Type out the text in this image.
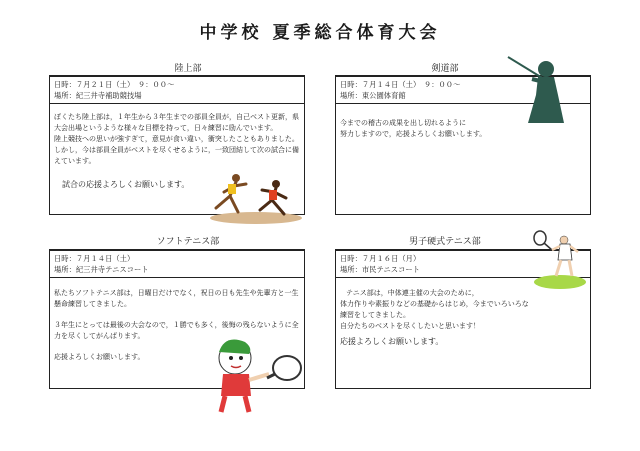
中学校 夏季総合体育大会
陸上部
日時：７月２１日（土）　９：００～
場所：紀三井寺補助競技場

ぼくたち陸上部は，１年生から３年生までの部員全員が，自己ベスト更新，県大会出場というような様々な目標を持って，日々練習に励んでいます。

陸上競技への思いが強すぎて，意見が食い違い，衝突したこともありました。

しかし，今は部員全員がベストを尽くせるように，一致団結して次の試合に備えています。

試合の応援よろしくお願いします。

剣道部
日時：７月１４日（土）　９：００～
場所：東公園体育館

今までの稽古の成果を出し切れるように

努力しますので，応援よろしくお願いします。

ソフトテニス部
日時：７月１４日（土）
場所：紀三井寺テニスコート

私たちソフトテニス部は，日曜日だけでなく，祝日の日も先生や先輩方と一生懸命練習してきました。

３年生にとっては最後の大会なので，１勝でも多く，後悔の残らないように全力を尽くしてがんばります。

応援よろしくお願いします。

男子硬式テニス部
日時：７月１６日（月）
場所：市民テニスコート

テニス部は，中体連主催の大会のために，

体力作りや素振りなどの基礎からはじめ，今までいろいろな

練習をしてきました。

自分たちのベストを尽くしたいと思います！

応援よろしくお願いします。
